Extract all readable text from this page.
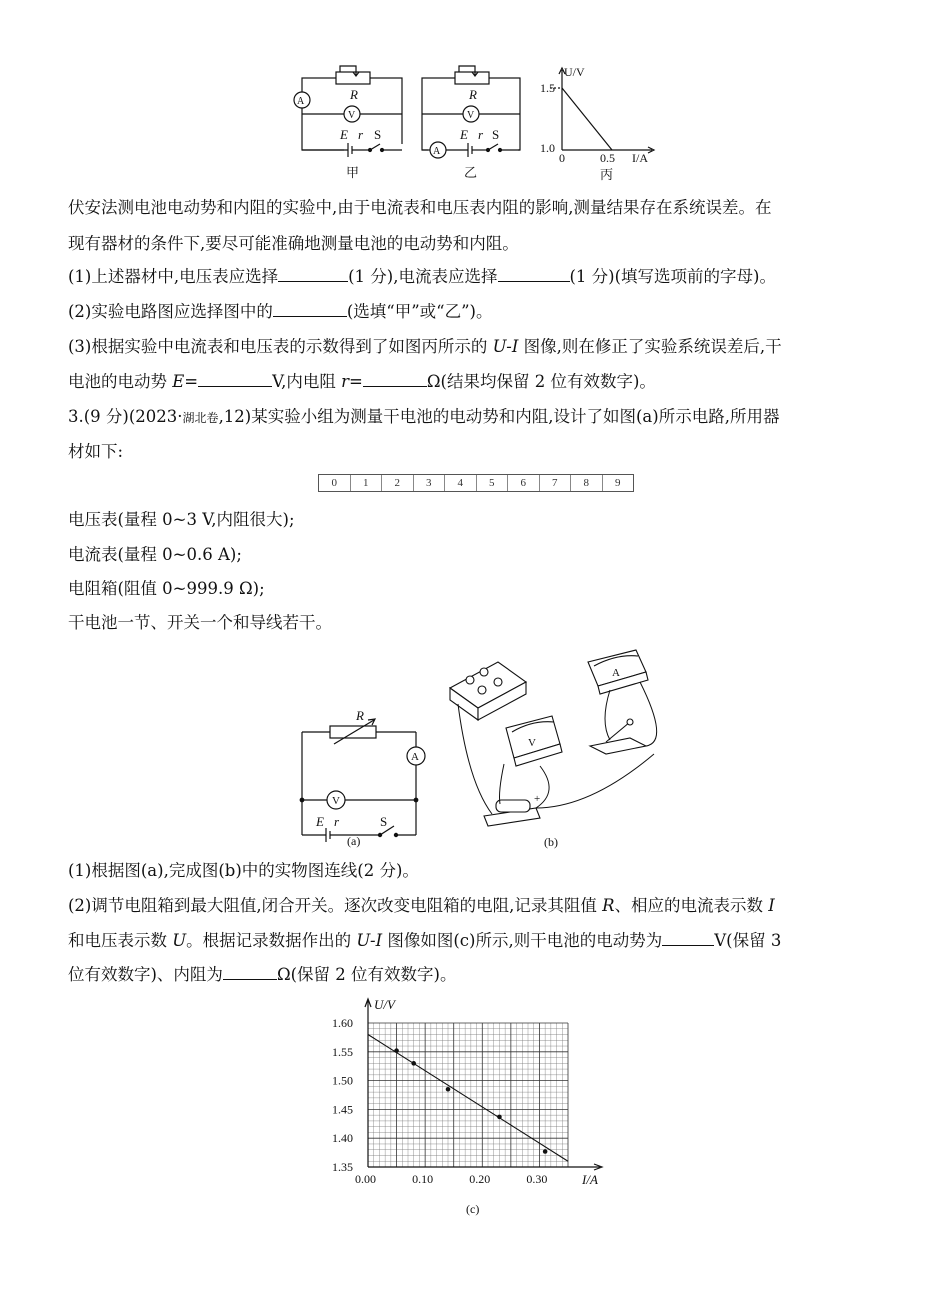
A
V
R
E r S
甲
A
V
R
E r S
乙
U/V
1.5
1.0
0	0.5 I/A
丙
伏安法测电池电动势和内阻的实验中,由于电流表和电压表内阻的影响,测量结果存在系统误差。在
现有器材的条件下,要尽可能准确地测量电池的电动势和内阻。
(1)上述器材中,电压表应选择	(1 分),电流表应选择	(1 分)(填写选项前的字母)。
(2)实验电路图应选择图中的	(选填“甲”或“乙”)。
(3)根据实验中电流表和电压表的示数得到了如图丙所示的 U-I 图像,则在修正了实验系统误差后,干
电池的电动势 E=	V,内电阻 r=	Ω(结果均保留 2 位有效数字)。
3.(9 分)(2023·湖北卷,12)某实验小组为测量干电池的电动势和内阻,设计了如图(a)所示电路,所用器
材如下:
0	1	2	3	4	5	6	7	8	9
电压表(量程 0~3 V,内阻很大);
电流表(量程 0~0.6 A);
电阻箱(阻值 0~999.9 Ω);
干电池一节、开关一个和导线若干。
R
A
V
E r	S
(a)
A
V
+
(b)
(1)根据图(a),完成图(b)中的实物图连线(2 分)。
(2)调节电阻箱到最大阻值,闭合开关。逐次改变电阻箱的电阻,记录其阻值 R、相应的电流表示数 I
和电压表示数 U。根据记录数据作出的 U-I 图像如图(c)所示,则干电池的电动势为	V(保留 3
位有效数字)、内阻为	Ω(保留 2 位有效数字)。
0.00	0.10	0.20	0.30
1.35
1.40
1.45
1.50
1.55
1.60
U/V
I/A
(c)
